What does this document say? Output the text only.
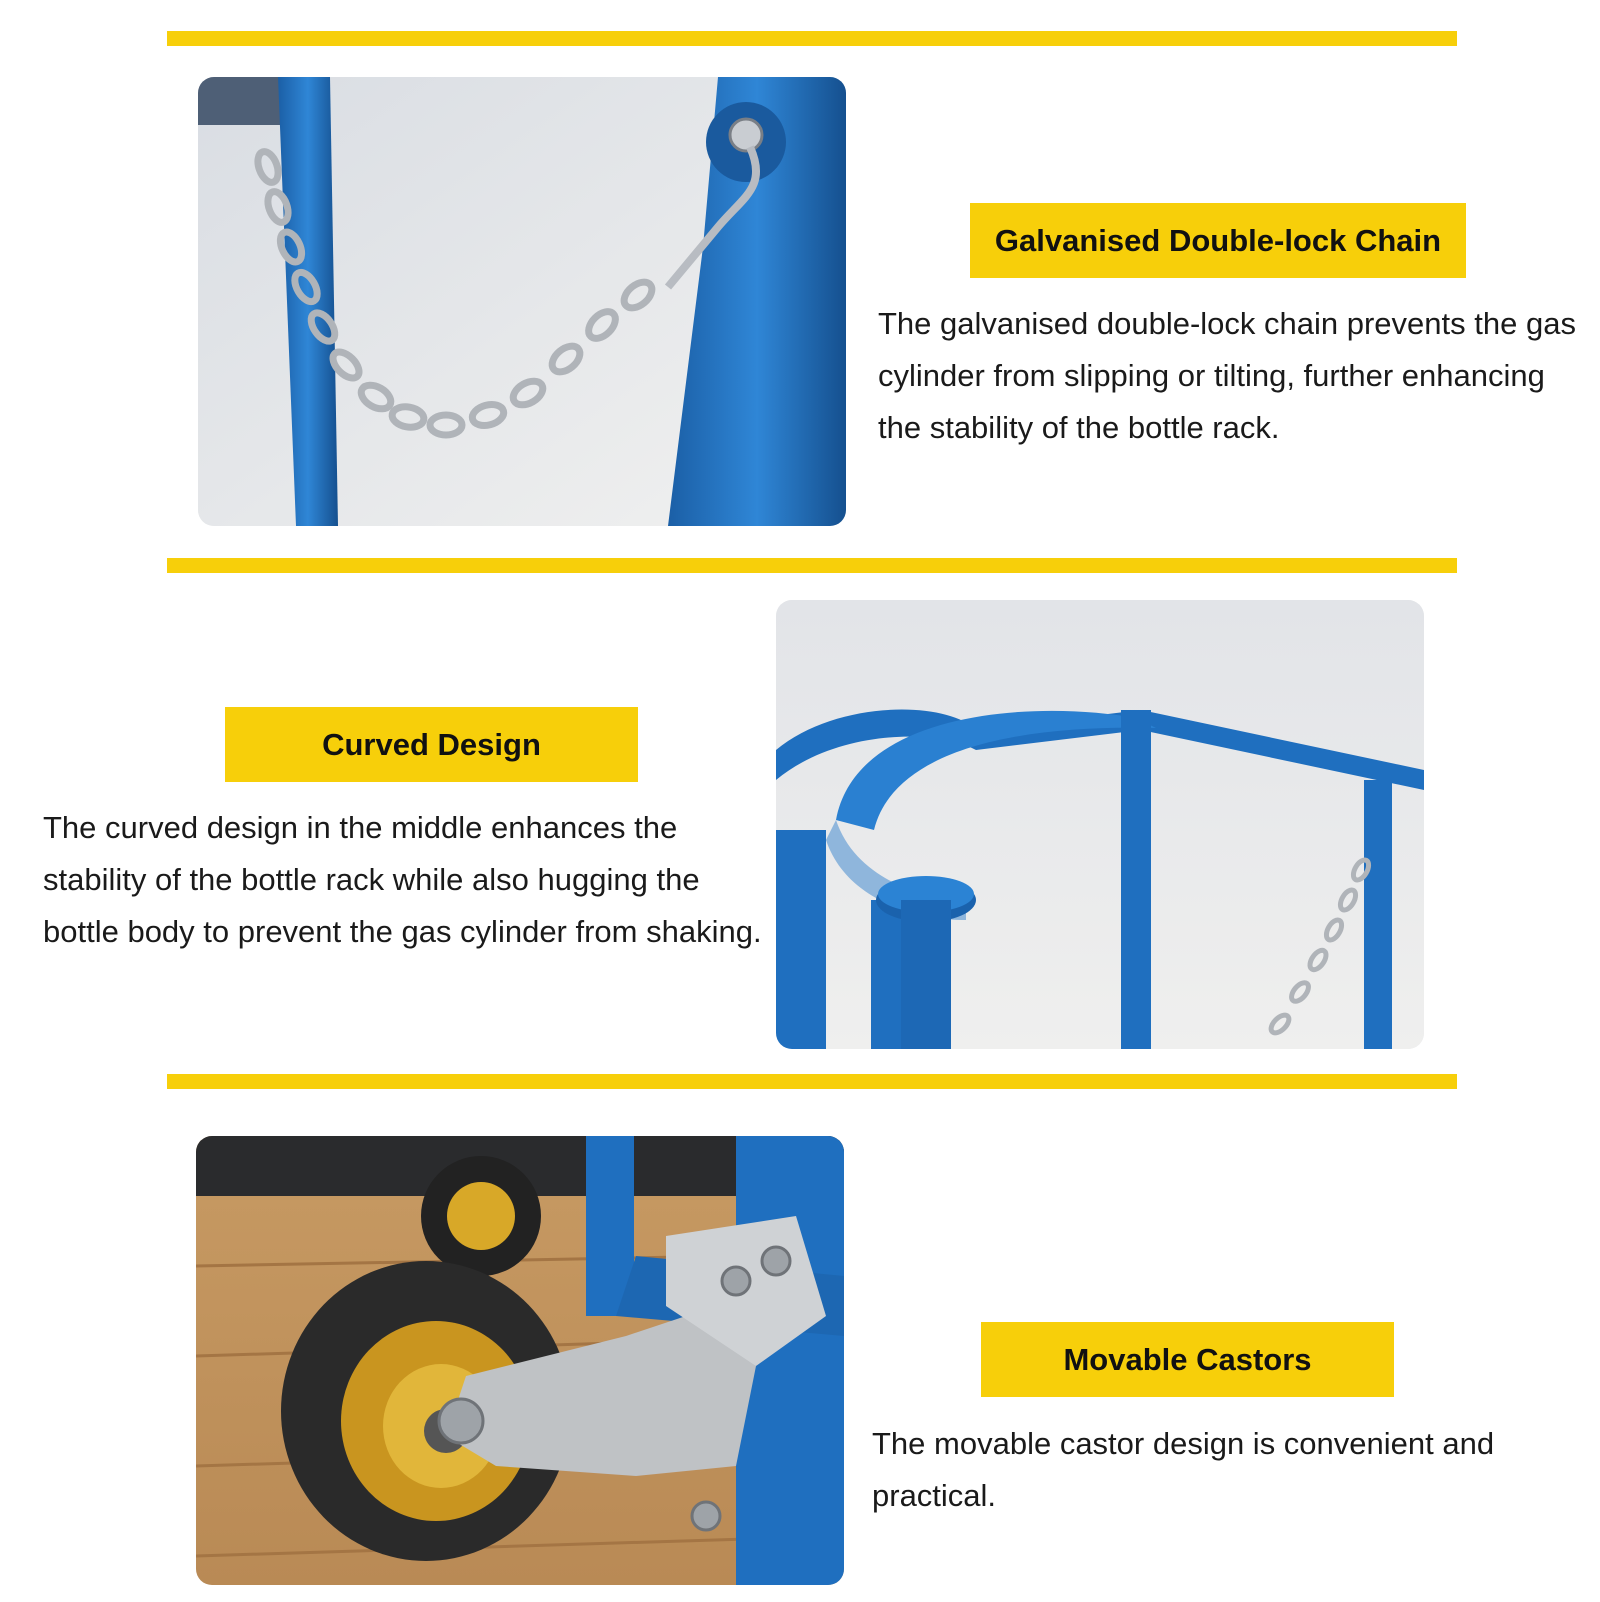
Galvanised Double-lock Chain

The galvanised double-lock chain prevents the gas cylinder from slipping or tilting, further enhancing the stability of the bottle rack.

Curved Design

The curved design in the middle enhances the stability of the bottle rack while also hugging the bottle body to prevent the gas cylinder from shaking.

Movable Castors

The movable castor design is convenient and practical.
